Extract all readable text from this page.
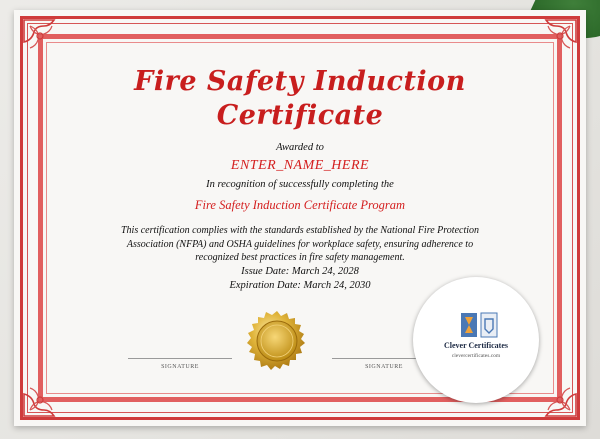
Fire Safety Induction
Certificate
Awarded to
ENTER_NAME_HERE
In recognition of successfully completing the
Fire Safety Induction Certificate Program
This certification complies with the standards established by the National Fire Protection
Association (NFPA) and OSHA guidelines for workplace safety, ensuring adherence to
recognized best practices in fire safety management.
Issue Date: March 24, 2028
Expiration Date: March 24, 2030
SIGNATURE	SIGNATURE
Clever Certificates
clevercertificates.com
